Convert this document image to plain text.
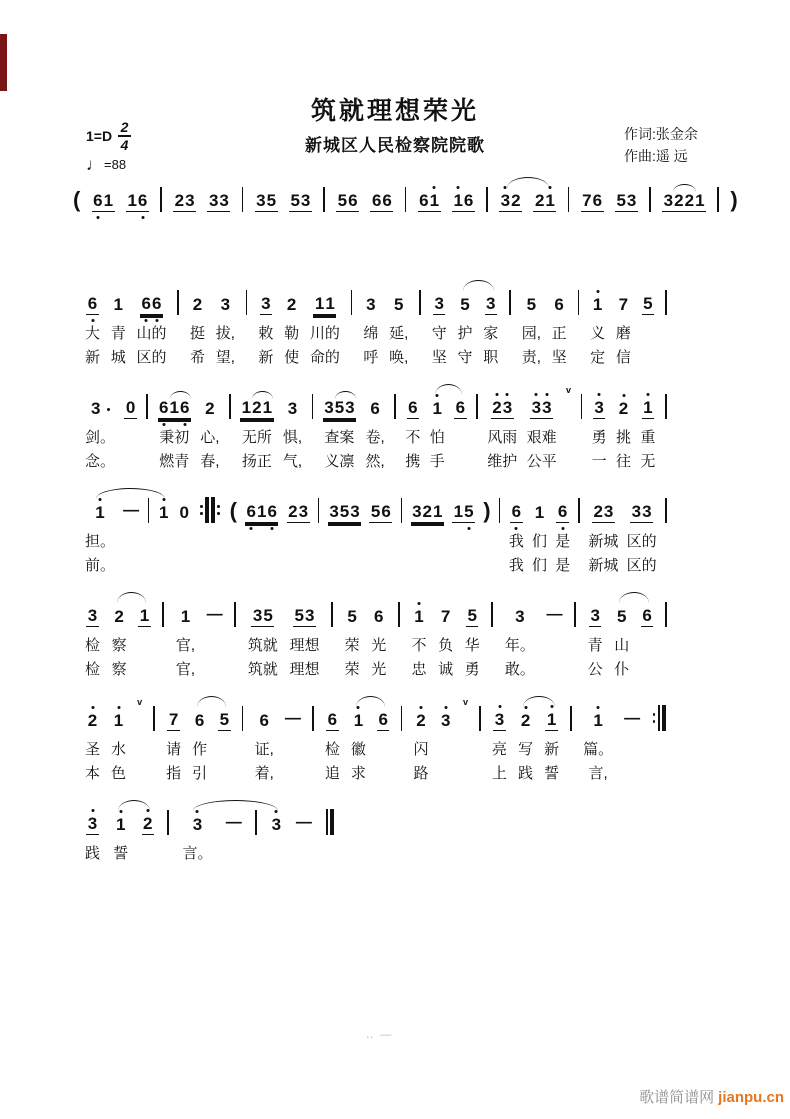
筑就理想荣光
新城区人民检察院院歌
$1=D \frac{2}{4}$
♩ =88
作词:张金余
作曲:遥 远
( 6 1 1 6 2 3 3 3 3 5 5 3 5 6 6 6 6 1 1 6 3 2 2 1 7 6 5 3 3 2 2 1 )
6
大
新
1
青
城
6 6
山的
区的
2
挺
希
3
拔,
望,
3
敕
新
2
勒
使
1 1
川的
命的
3
绵
呼
5
延,
唤,
3
守
坚
5
护
守
3
家
职
5
园,
责,
6
正
坚
1
义
定
7
磨
信
5
3
剑。
念。
0 6 1 6
秉初
燃青
2
心,
春,
1 2 1
无所
扬正
3
惧,
气,
3 5 3
查案
义凛
6
卷,
然,
6
不
携
1
怕
手
6 2 3
风雨
维护
3 3
艰难
公平
v
3
勇
一
2
挑
往
1
重
无
1
担。
前。
— 1 0 ( 6 1 6 2 3 3 5 3 5 6 3 2 1 1 5 ) 6
我
我
1
们
们
6
是
是
2 3
新城
新城
3 3
区的
区的
3
检
检
2
察
察
1 1
官,
官,
— 3 5
筑就
筑就
5 3
理想
理想
5
荣
荣
6
光
光
1
不
忠
7
负
诚
5
华
勇
3
年。
敢。
— 3
青
公
5
山
仆
6
2
圣
本
1
水
色
v
7
请
指
6
作
引
5 6
证,
着,
— 6
检
追
1
徽
求
6 2
闪
路
3
v
3
亮
上
2
写
践
1
新
誓
1
篇。
言,
—
3
践
1
誓
2 3
言。
— 3 —
‥ —
歌谱简谱网 jianpu.cn
